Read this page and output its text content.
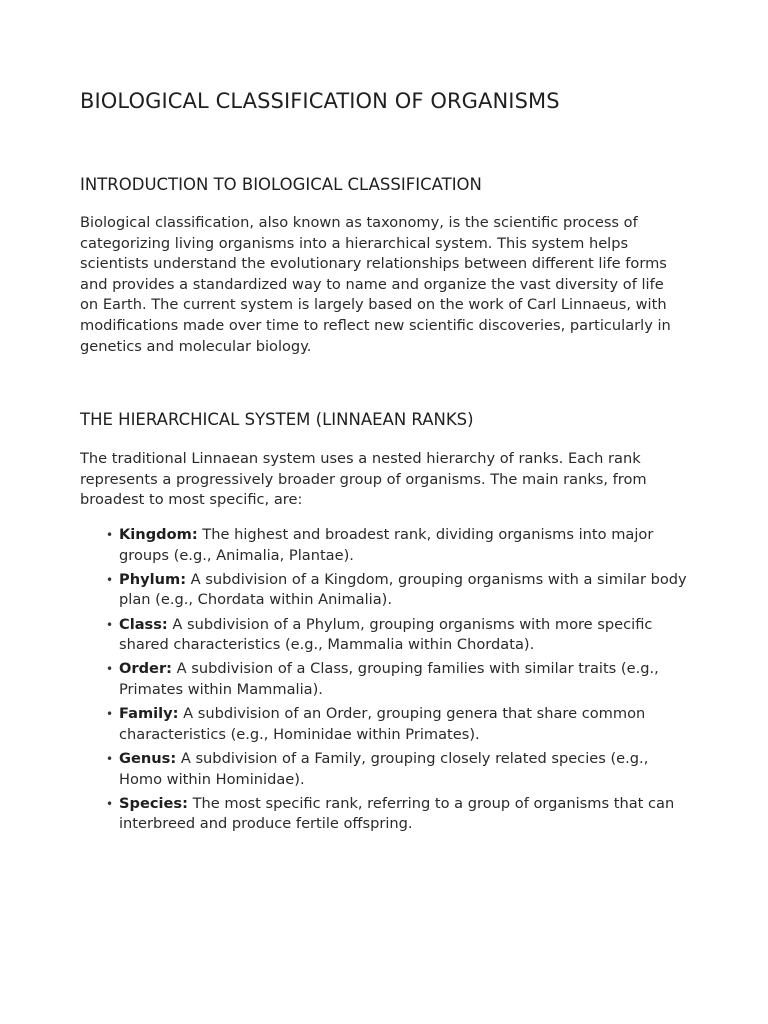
BIOLOGICAL CLASSIFICATION OF ORGANISMS
INTRODUCTION TO BIOLOGICAL CLASSIFICATION

Biological classification, also known as taxonomy, is the scientific process of categorizing living organisms into a hierarchical system. This system helps scientists understand the evolutionary relationships between different life forms and provides a standardized way to name and organize the vast diversity of life on Earth. The current system is largely based on the work of Carl Linnaeus, with modifications made over time to reflect new scientific discoveries, particularly in genetics and molecular biology.

THE HIERARCHICAL SYSTEM (LINNAEAN RANKS)

The traditional Linnaean system uses a nested hierarchy of ranks. Each rank represents a progressively broader group of organisms. The main ranks, from broadest to most specific, are:

• Kingdom: The highest and broadest rank, dividing organisms into major groups (e.g., Animalia, Plantae).
• Phylum: A subdivision of a Kingdom, grouping organisms with a similar body plan (e.g., Chordata within Animalia).
• Class: A subdivision of a Phylum, grouping organisms with more specific shared characteristics (e.g., Mammalia within Chordata).
• Order: A subdivision of a Class, grouping families with similar traits (e.g., Primates within Mammalia).
• Family: A subdivision of an Order, grouping genera that share common characteristics (e.g., Hominidae within Primates).
• Genus: A subdivision of a Family, grouping closely related species (e.g., Homo within Hominidae).
• Species: The most specific rank, referring to a group of organisms that can interbreed and produce fertile offspring.
